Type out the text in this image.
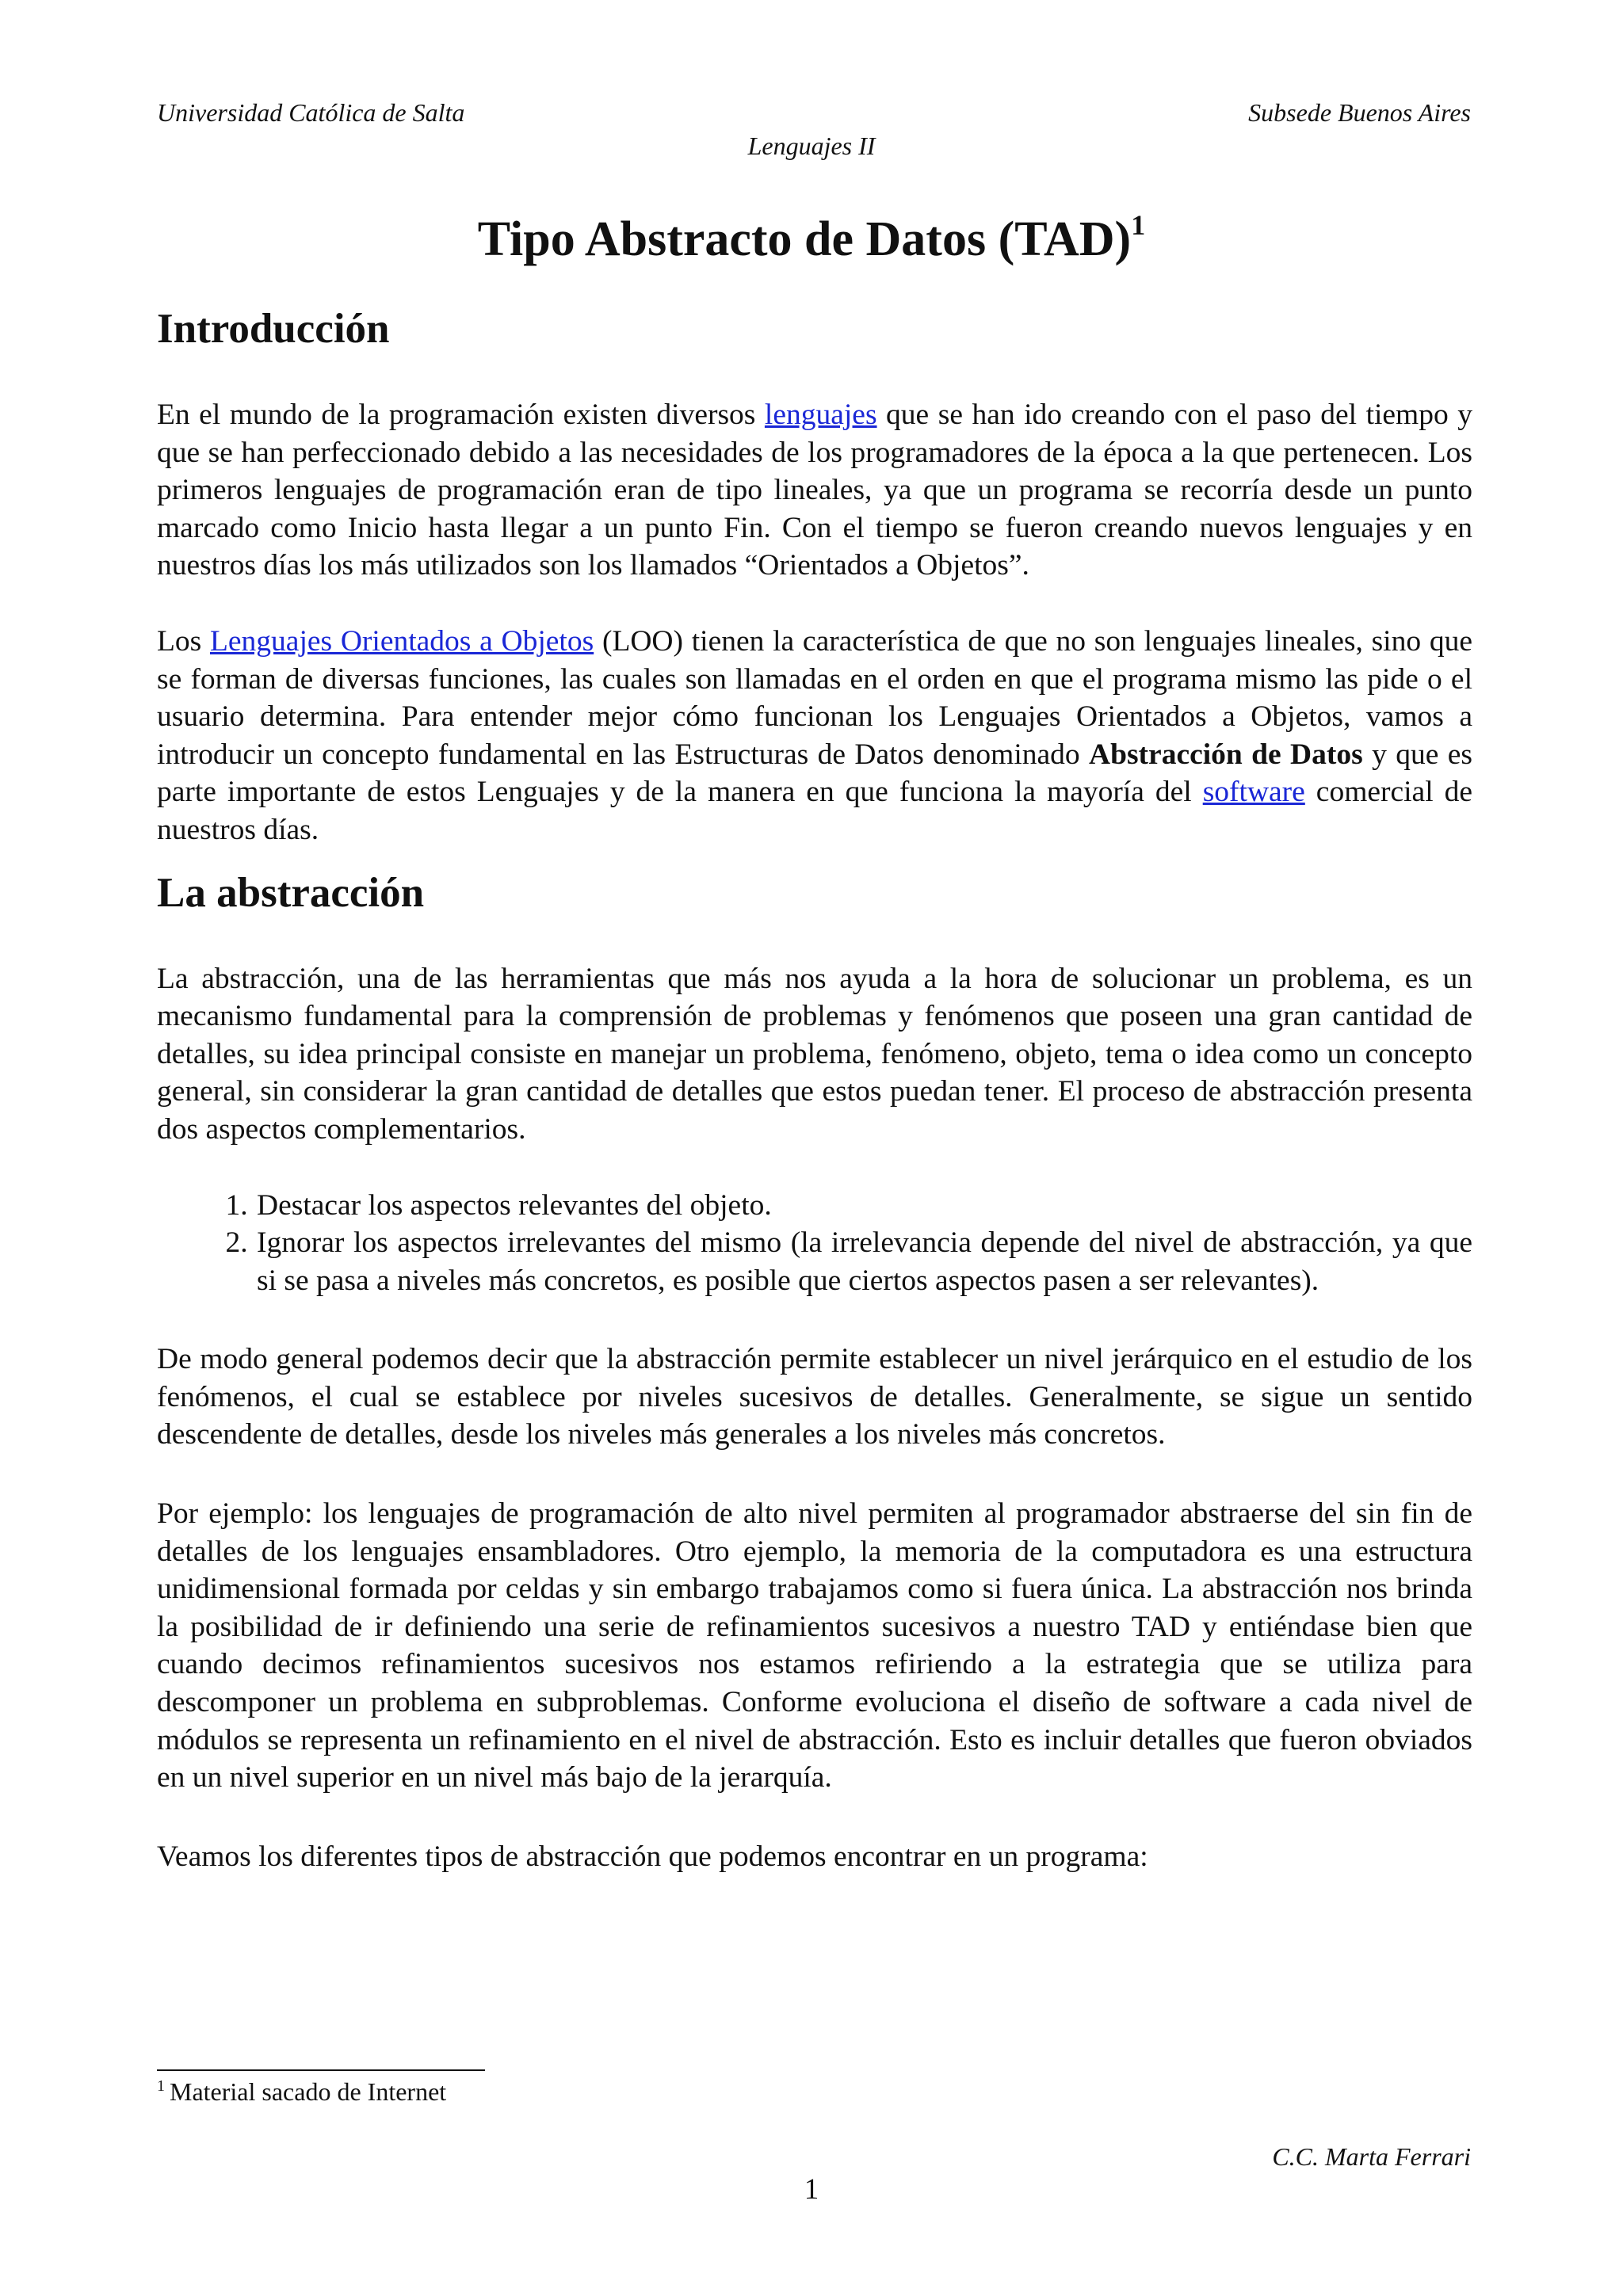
Universidad Católica de Salta	Subsede Buenos Aires
Lenguajes II
Tipo Abstracto de Datos (TAD)$^1$
Introducción

En el mundo de la programación existen diversos lenguajes que se han ido creando con el paso del tiempo y que se han perfeccionado debido a las necesidades de los programadores de la época a la que pertenecen. Los primeros lenguajes de programación eran de tipo lineales, ya que un programa se recorría desde un punto marcado como Inicio hasta llegar a un punto Fin. Con el tiempo se fueron creando nuevos lenguajes y en nuestros días los más utilizados son los llamados “Orientados a Objetos”.

Los Lenguajes Orientados a Objetos (LOO) tienen la característica de que no son lenguajes lineales, sino que se forman de diversas funciones, las cuales son llamadas en el orden en que el programa mismo las pide o el usuario determina. Para entender mejor cómo funcionan los Lenguajes Orientados a Objetos, vamos a introducir un concepto fundamental en las Estructuras de Datos denominado Abstracción de Datos y que es parte importante de estos Lenguajes y de la manera en que funciona la mayoría del software comercial de nuestros días.

La abstracción

La abstracción, una de las herramientas que más nos ayuda a la hora de solucionar un problema, es un mecanismo fundamental para la comprensión de problemas y fenómenos que poseen una gran cantidad de detalles, su idea principal consiste en manejar un problema, fenómeno, objeto, tema o idea como un concepto general, sin considerar la gran cantidad de detalles que estos puedan tener. El proceso de abstracción presenta dos aspectos complementarios.

1. Destacar los aspectos relevantes del objeto.
2. Ignorar los aspectos irrelevantes del mismo (la irrelevancia depende del nivel de abstracción, ya que si se pasa a niveles más concretos, es posible que ciertos aspectos pasen a ser relevantes).

De modo general podemos decir que la abstracción permite establecer un nivel jerárquico en el estudio de los fenómenos, el cual se establece por niveles sucesivos de detalles. Generalmente, se sigue un sentido descendente de detalles, desde los niveles más generales a los niveles más concretos.

Por ejemplo: los lenguajes de programación de alto nivel permiten al programador abstraerse del sin fin de detalles de los lenguajes ensambladores. Otro ejemplo, la memoria de la computadora es una estructura unidimensional formada por celdas y sin embargo trabajamos como si fuera única. La abstracción nos brinda la posibilidad de ir definiendo una serie de refinamientos sucesivos a nuestro TAD y entiéndase bien que cuando decimos refinamientos sucesivos nos estamos refiriendo a la estrategia que se utiliza para descomponer un problema en subproblemas. Conforme evoluciona el diseño de software a cada nivel de módulos se representa un refinamiento en el nivel de abstracción. Esto es incluir detalles que fueron obviados en un nivel superior en un nivel más bajo de la jerarquía.

Veamos los diferentes tipos de abstracción que podemos encontrar en un programa:

$^1$ Material sacado de Internet
C.C. Marta Ferrari
1
